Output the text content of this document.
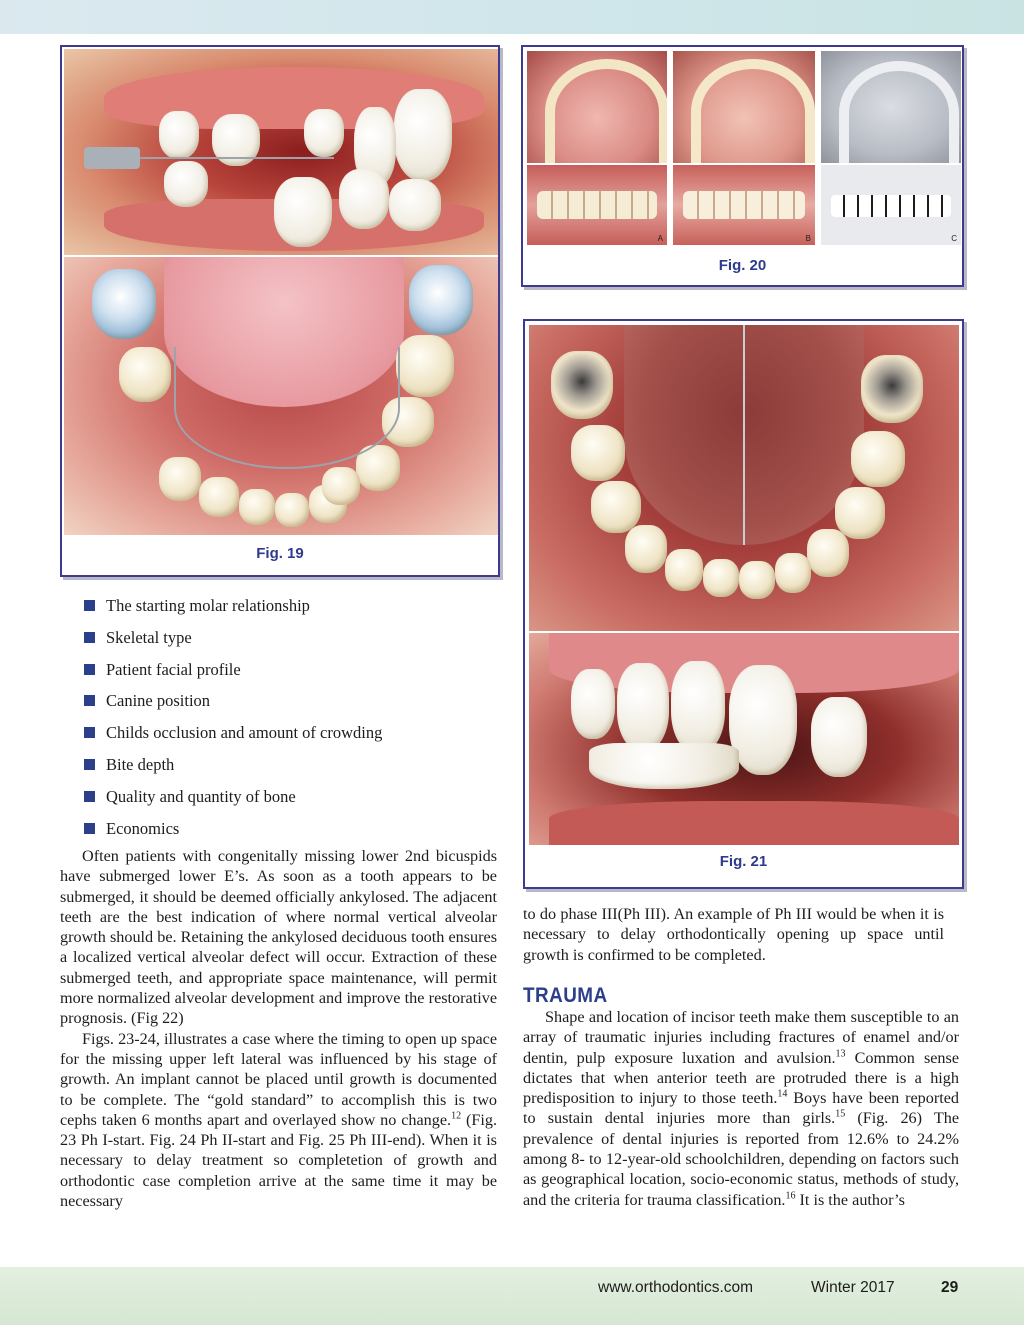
Fig. 19
A	B	C
Fig. 20
Fig. 21
The starting molar relationship
Skeletal type
Patient facial profile
Canine position
Childs occlusion and amount of crowding
Bite depth
Quality and quantity of bone
Economics

Often patients with congenitally missing lower 2nd bicuspids have submerged lower E’s. As soon as a tooth appears to be submerged, it should be deemed officially ankylosed. The adjacent teeth are the best indication of where normal vertical alveolar growth should be. Retaining the ankylosed deciduous tooth ensures a localized vertical alveolar defect will occur. Extraction of these submerged teeth, and appropriate space maintenance, will permit more normalized alveolar development and improve the restorative prognosis. (Fig 22)

Figs. 23-24, illustrates a case where the timing to open up space for the missing upper left lateral was influenced by his stage of growth. An implant cannot be placed until growth is documented to be complete. The “gold standard” to accomplish this is two cephs taken 6 months apart and overlayed show no change.$^{12}$ (Fig. 23 Ph I-start. Fig. 24 Ph II-start and Fig. 25 Ph III-end). When it is necessary to delay treatment so completetion of growth and orthodontic case completion arrive at the same time it may be necessary

to do phase III(Ph III). An example of Ph III would be when it is necessary to delay orthodontically opening up space until growth is confirmed to be completed.

TRAUMA

Shape and location of incisor teeth make them susceptible to an array of traumatic injuries including fractures of enamel and/or dentin, pulp exposure luxation and avulsion.$^{13}$ Common sense dictates that when anterior teeth are protruded there is a high predisposition to injury to those teeth.$^{14}$ Boys have been reported to sustain dental injuries more than girls.$^{15}$ (Fig. 26) The prevalence of dental injuries is reported from 12.6% to 24.2% among 8- to 12-year-old schoolchildren, depending on factors such as geographical location, socio-economic status, methods of study, and the criteria for trauma classification.$^{16}$ It is the author’s

www.orthodontics.com	Winter 2017	29
